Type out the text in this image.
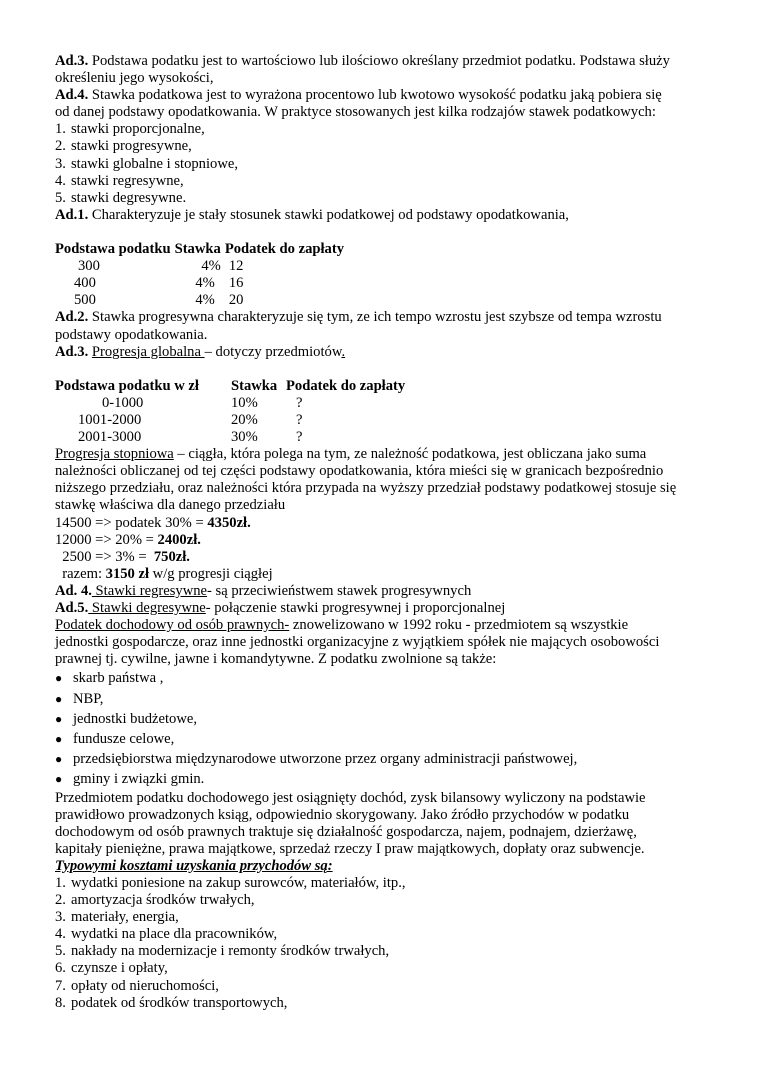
Ad.3. Podstawa podatku jest to wartościowo lub ilościowo określany przedmiot podatku. Podstawa służy
określeniu jego wysokości,
Ad.4. Stawka podatkowa jest to wyrażona procentowo lub kwotowo wysokość podatku jaką pobiera się
od danej podstawy opodatkowania. W praktyce stosowanych jest kilka rodzajów stawek podatkowych:
1. stawki proporcjonalne,
2. stawki progresywne,
3. stawki globalne i stopniowe,
4. stawki regresywne,
5. stawki degresywne.
Ad.1. Charakteryzuje je stały stosunek stawki podatkowej od podstawy opodatkowania,
Podstawa podatku	Stawka	Podatek do zapłaty
300	4%	12
400	4%	16
500	4%	20
Ad.2. Stawka progresywna charakteryzuje się tym, ze ich tempo wzrostu jest szybsze od tempa wzrostu
podstawy opodatkowania.
Ad.3. Progresja globalna – dotyczy przedmiotów.
Podstawa podatku w zł	Stawka	Podatek do zapłaty
0-1000	10%	?
1001-2000	20%	?
2001-3000	30%	?
Progresja stopniowa – ciągła, która polega na tym, ze należność podatkowa, jest obliczana jako suma
należności obliczanej od tej części podstawy opodatkowania, która mieści się w granicach bezpośrednio
niższego przedziału, oraz należności która przypada na wyższy przedział podstawy podatkowej stosuje się
stawkę właściwa dla danego przedziału
14500 => podatek 30% = 4350zł.
12000 => 20% = 2400zł.
2500 => 3% =  750zł.
razem: 3150 zł w/g progresji ciągłej
Ad. 4. Stawki regresywne- są przeciwieństwem stawek progresywnych
Ad.5. Stawki degresywne- połączenie stawki progresywnej i proporcjonalnej
Podatek dochodowy od osób prawnych- znowelizowano w 1992 roku - przedmiotem są wszystkie
jednostki gospodarcze, oraz inne jednostki organizacyjne z wyjątkiem spółek nie mających osobowości
prawnej tj. cywilne, jawne i komandytywne. Z podatku zwolnione są także:
● skarb państwa ,
● NBP,
● jednostki budżetowe,
● fundusze celowe,
● przedsiębiorstwa międzynarodowe utworzone przez organy administracji państwowej,
● gminy i związki gmin.
Przedmiotem podatku dochodowego jest osiągnięty dochód, zysk bilansowy wyliczony na podstawie
prawidłowo prowadzonych ksiąg, odpowiednio skorygowany. Jako źródło przychodów w podatku
dochodowym od osób prawnych traktuje się działalność gospodarcza, najem, podnajem, dzierżawę,
kapitały pieniężne, prawa majątkowe, sprzedaż rzeczy I praw majątkowych, dopłaty oraz subwencje.
Typowymi kosztami uzyskania przychodów są:
1. wydatki poniesione na zakup surowców, materiałów, itp.,
2. amortyzacja środków trwałych,
3. materiały, energia,
4. wydatki na place dla pracowników,
5. nakłady na modernizacje i remonty środków trwałych,
6. czynsze i opłaty,
7. opłaty od nieruchomości,
8. podatek od środków transportowych,
